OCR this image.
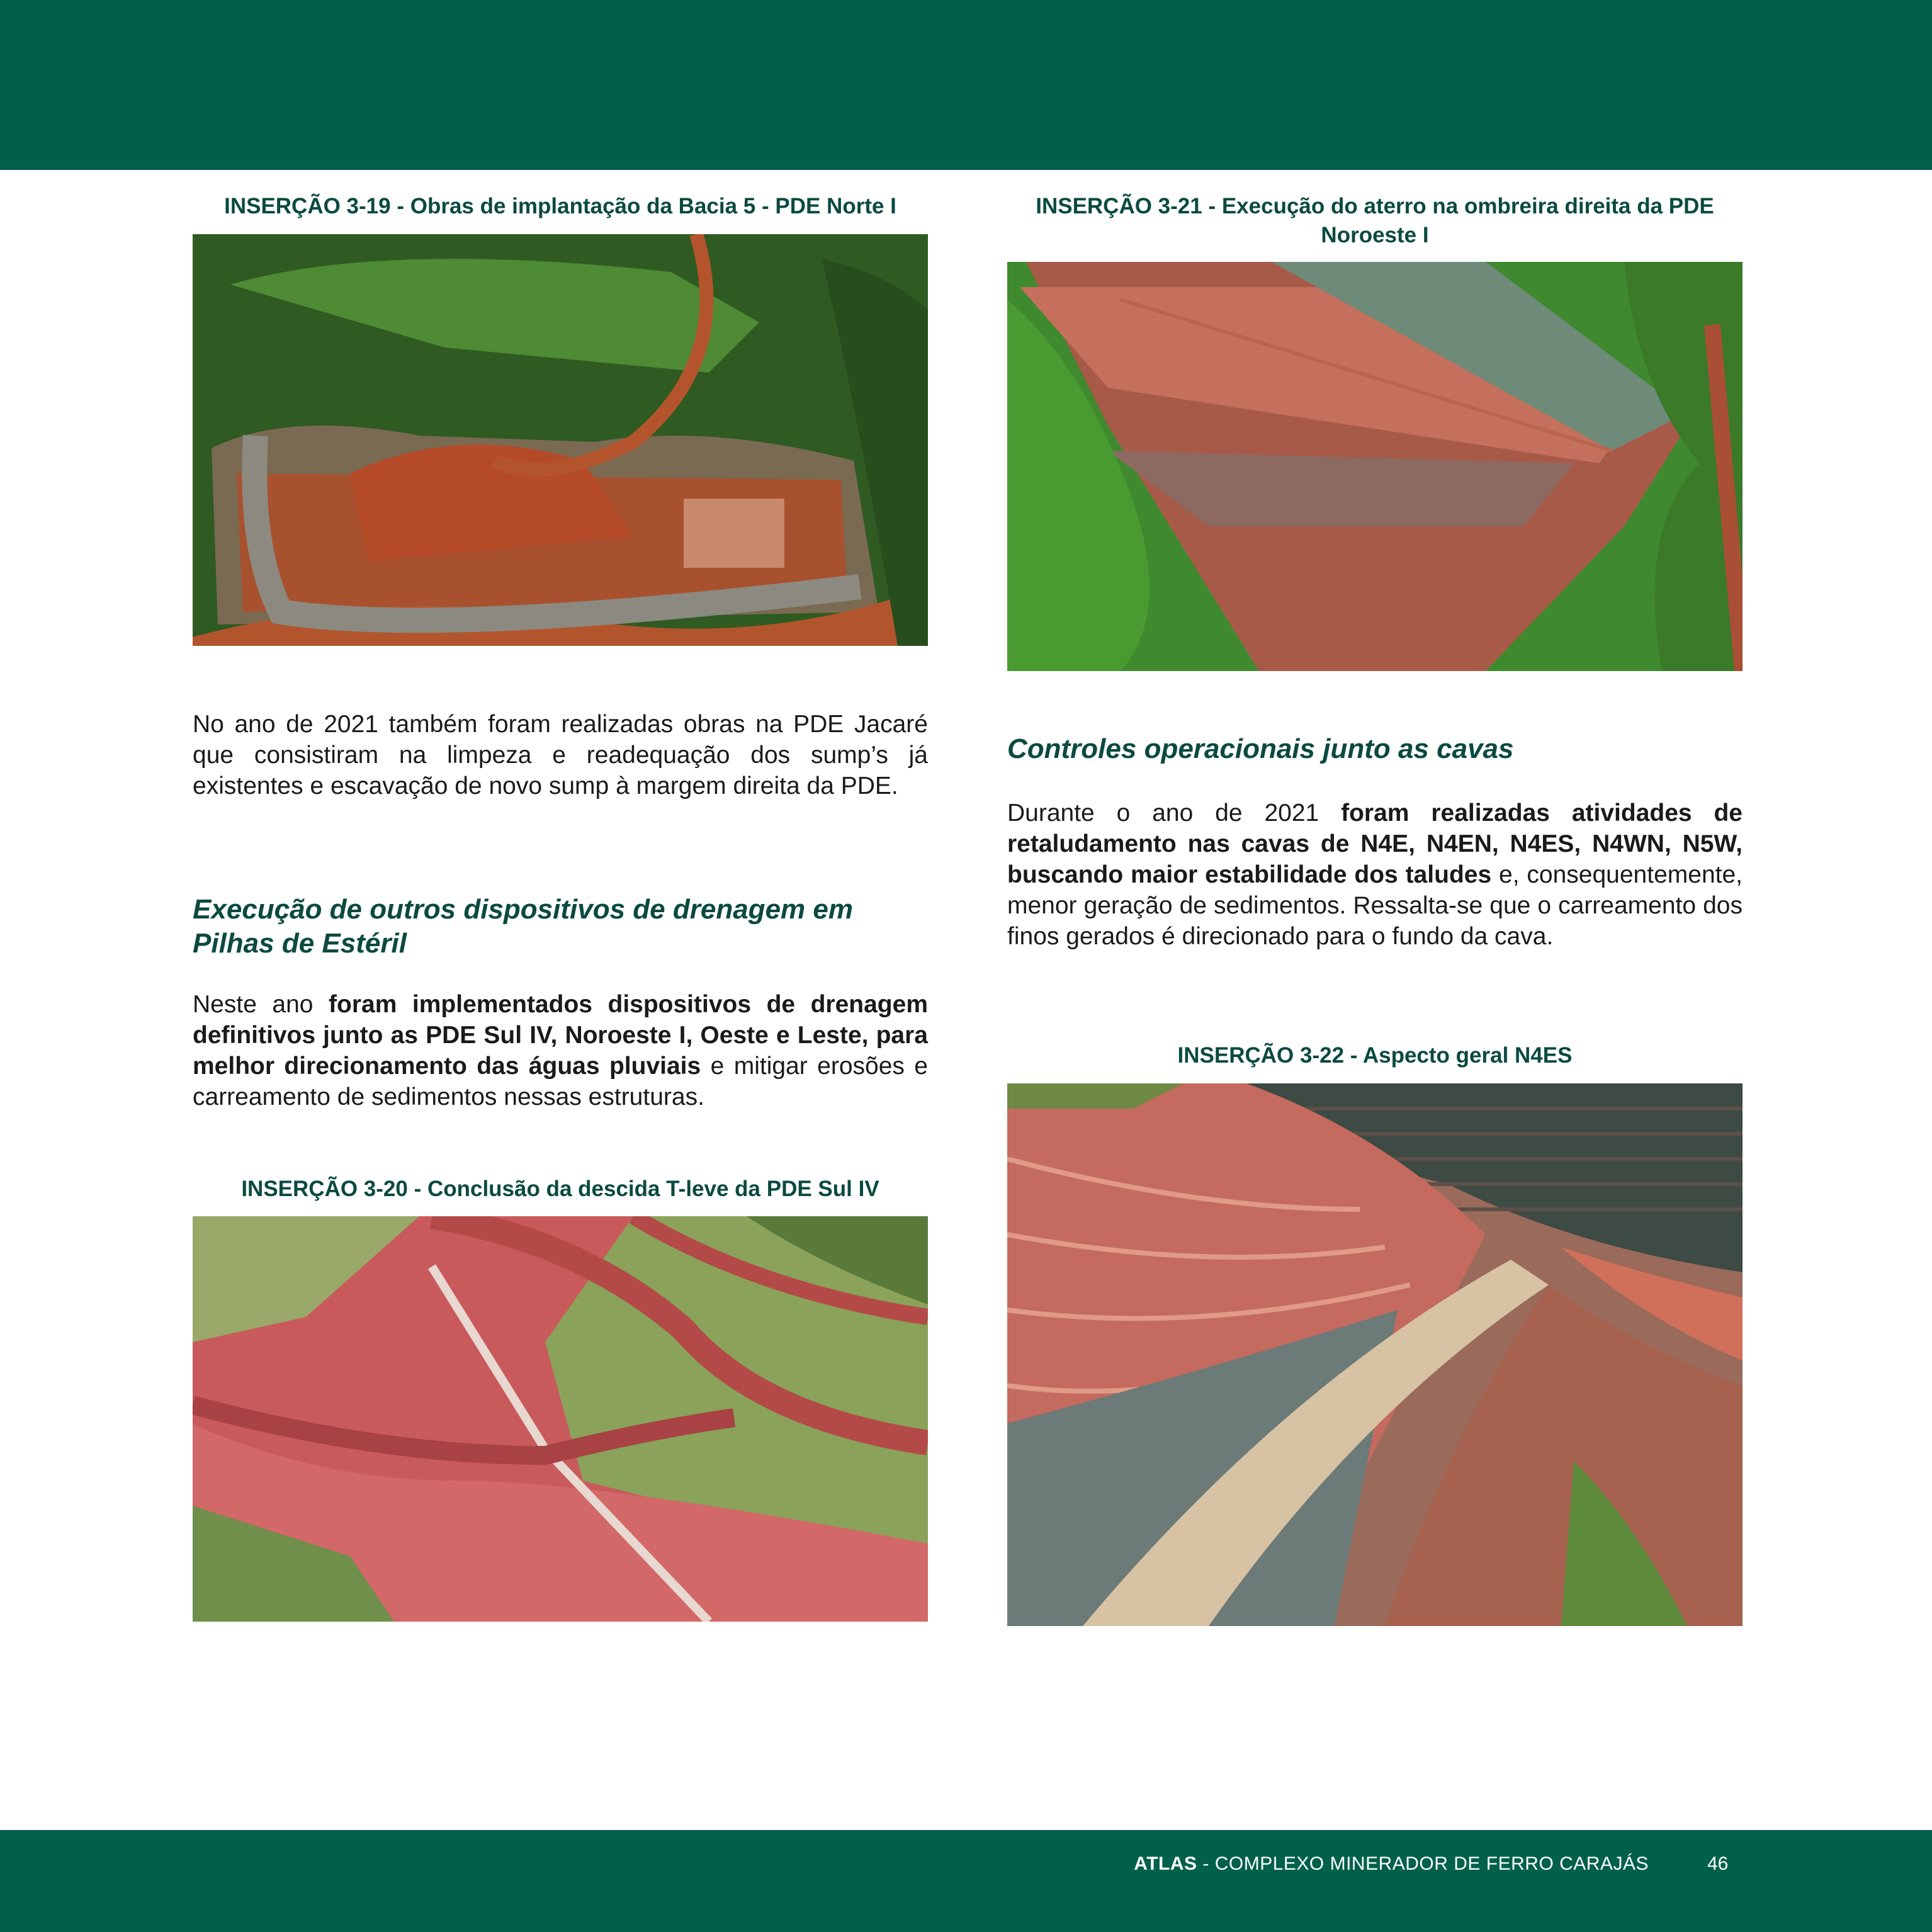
INSERÇÃO 3-19 - Obras de implantação da Bacia 5 - PDE Norte I
No ano de 2021 também foram realizadas obras na PDE Jacaré que consistiram na limpeza e readequação dos sump’s já existentes e escavação de novo sump à margem direita da PDE.
Execução de outros dispositivos de drenagem em Pilhas de Estéril
Neste ano foram implementados dispositivos de drenagem definitivos junto as PDE Sul IV, Noroeste I, Oeste e Leste, para melhor direcionamento das águas pluviais e mitigar erosões e carreamento de sedimentos nessas estruturas.
INSERÇÃO 3-20 - Conclusão da descida T-leve da PDE Sul IV
INSERÇÃO 3-21 - Execução do aterro na ombreira direita da PDE Noroeste I
Controles operacionais junto as cavas
Durante o ano de 2021 foram realizadas atividades de retaludamento nas cavas de N4E, N4EN, N4ES, N4WN, N5W, buscando maior estabilidade dos taludes e, consequentemente, menor geração de sedimentos. Ressalta-se que o carreamento dos finos gerados é direcionado para o fundo da cava.
INSERÇÃO 3-22 - Aspecto geral N4ES
ATLAS - COMPLEXO MINERADOR DE FERRO CARAJÁS	46
